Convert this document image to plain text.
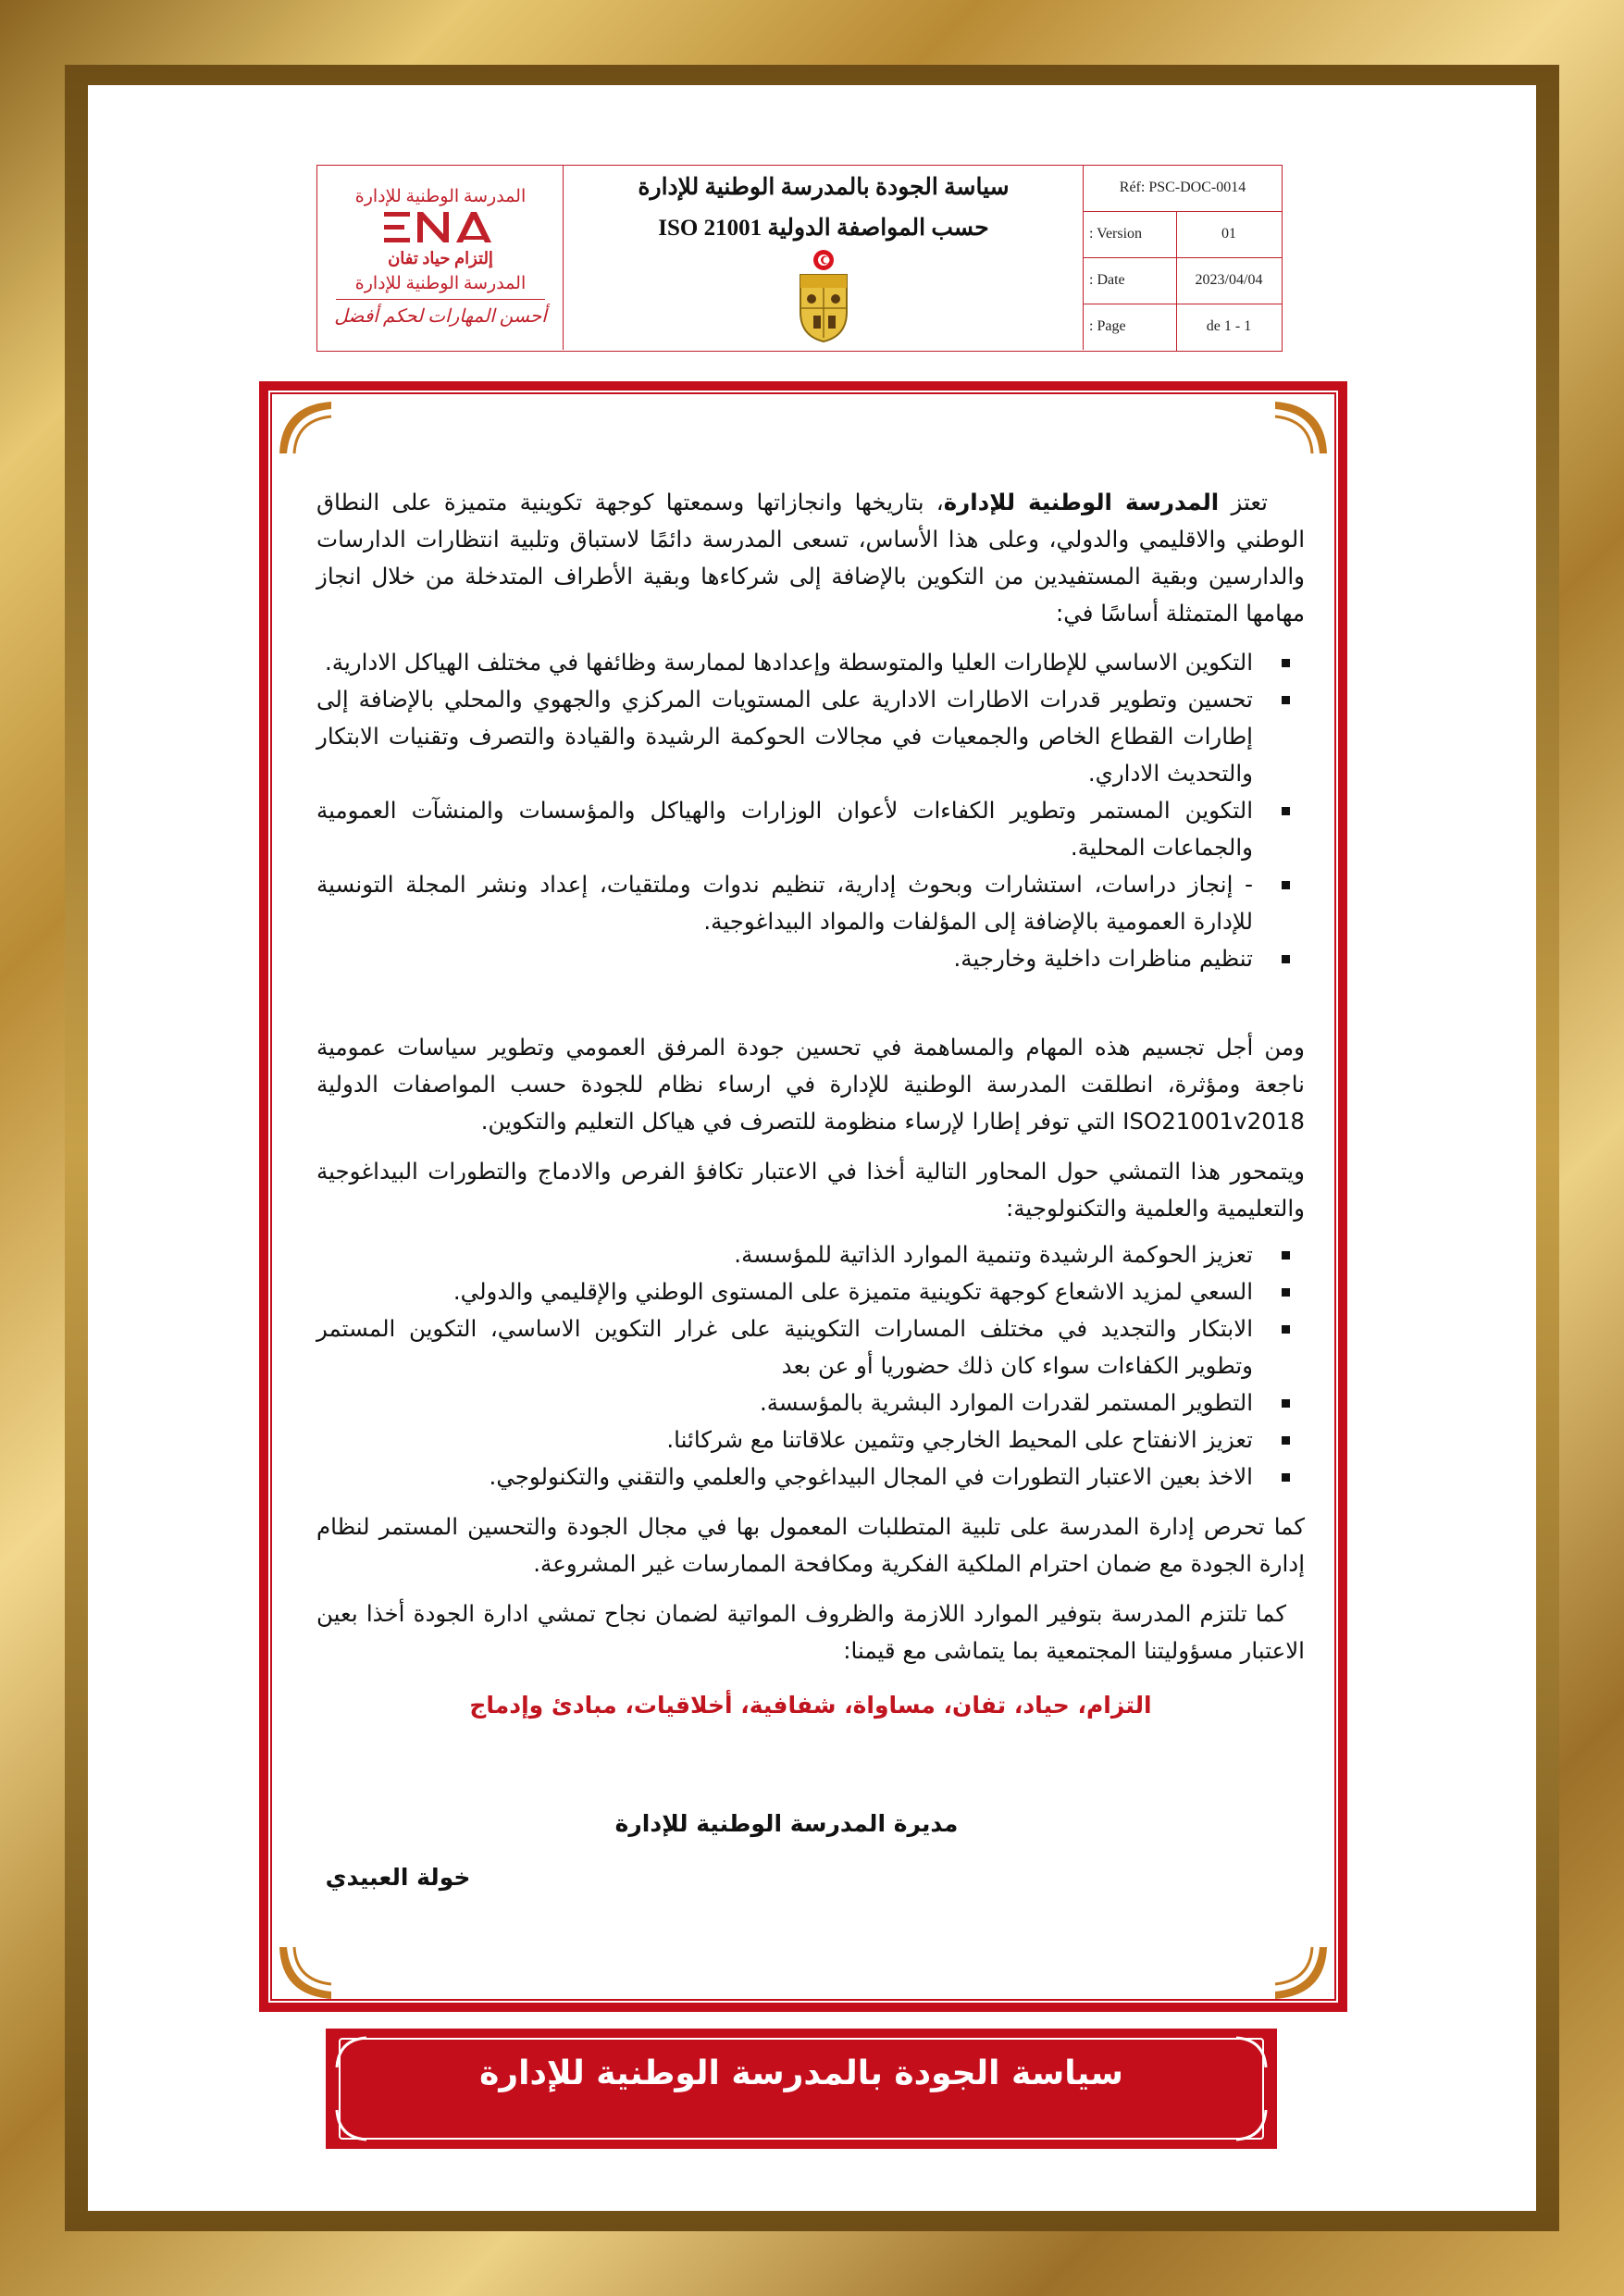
المدرسة الوطنية للإدارة
إلتزام حياد تفان
المدرسة الوطنية للإدارة
أحسن المهارات لحكم أفضل
سياسة الجودة بالمدرسة الوطنية للإدارة
حسب المواصفة الدولية ISO 21001
Réf: PSC-DOC-0014
: Version	01
: Date	2023/04/04
: Page	de 1 - 1

تعتز المدرسة الوطنية للإدارة، بتاريخها وانجازاتها وسمعتها كوجهة تكوينية متميزة على النطاق الوطني والاقليمي والدولي، وعلى هذا الأساس، تسعى المدرسة دائمًا لاستباق وتلبية انتظارات الدارسات والدارسين وبقية المستفيدين من التكوين بالإضافة إلى شركاءها وبقية الأطراف المتدخلة من خلال انجاز مهامها المتمثلة أساسًا في:

التكوين الاساسي للإطارات العليا والمتوسطة وإعدادها لممارسة وظائفها في مختلف الهياكل الادارية.
تحسين وتطوير قدرات الاطارات الادارية على المستويات المركزي والجهوي والمحلي بالإضافة إلى إطارات القطاع الخاص والجمعيات في مجالات الحوكمة الرشيدة والقيادة والتصرف وتقنيات الابتكار والتحديث الاداري.
التكوين المستمر وتطوير الكفاءات لأعوان الوزارات والهياكل والمؤسسات والمنشآت العمومية والجماعات المحلية.
- إنجاز دراسات، استشارات وبحوث إدارية، تنظيم ندوات وملتقيات، إعداد ونشر المجلة التونسية للإدارة العمومية بالإضافة إلى المؤلفات والمواد البيداغوجية.
تنظيم مناظرات داخلية وخارجية.

ومن أجل تجسيم هذه المهام والمساهمة في تحسين جودة المرفق العمومي وتطوير سياسات عمومية ناجعة ومؤثرة، انطلقت المدرسة الوطنية للإدارة في ارساء نظام للجودة حسب المواصفات الدولية ISO21001v2018 التي توفر إطارا لإرساء منظومة للتصرف في هياكل التعليم والتكوين.

ويتمحور هذا التمشي حول المحاور التالية أخذا في الاعتبار تكافؤ الفرص والادماج والتطورات البيداغوجية والتعليمية والعلمية والتكنولوجية:

تعزيز الحوكمة الرشيدة وتنمية الموارد الذاتية للمؤسسة.
السعي لمزيد الاشعاع كوجهة تكوينية متميزة على المستوى الوطني والإقليمي والدولي.
الابتكار والتجديد في مختلف المسارات التكوينية على غرار التكوين الاساسي، التكوين المستمر وتطوير الكفاءات سواء كان ذلك حضوريا أو عن بعد
التطوير المستمر لقدرات الموارد البشرية بالمؤسسة.
تعزيز الانفتاح على المحيط الخارجي وتثمين علاقاتنا مع شركائنا.
الاخذ بعين الاعتبار التطورات في المجال البيداغوجي والعلمي والتقني والتكنولوجي.

كما تحرص إدارة المدرسة على تلبية المتطلبات المعمول بها في مجال الجودة والتحسين المستمر لنظام إدارة الجودة مع ضمان احترام الملكية الفكرية ومكافحة الممارسات غير المشروعة.

كما تلتزم المدرسة بتوفير الموارد اللازمة والظروف المواتية لضمان نجاح تمشي ادارة الجودة أخذا بعين الاعتبار مسؤوليتنا المجتمعية بما يتماشى مع قيمنا:

التزام، حياد، تفان، مساواة، شفافية، أخلاقيات، مبادئ وإدماج
مديرة المدرسة الوطنية للإدارة
خولة العبيدي
سياسة الجودة بالمدرسة الوطنية للإدارة
